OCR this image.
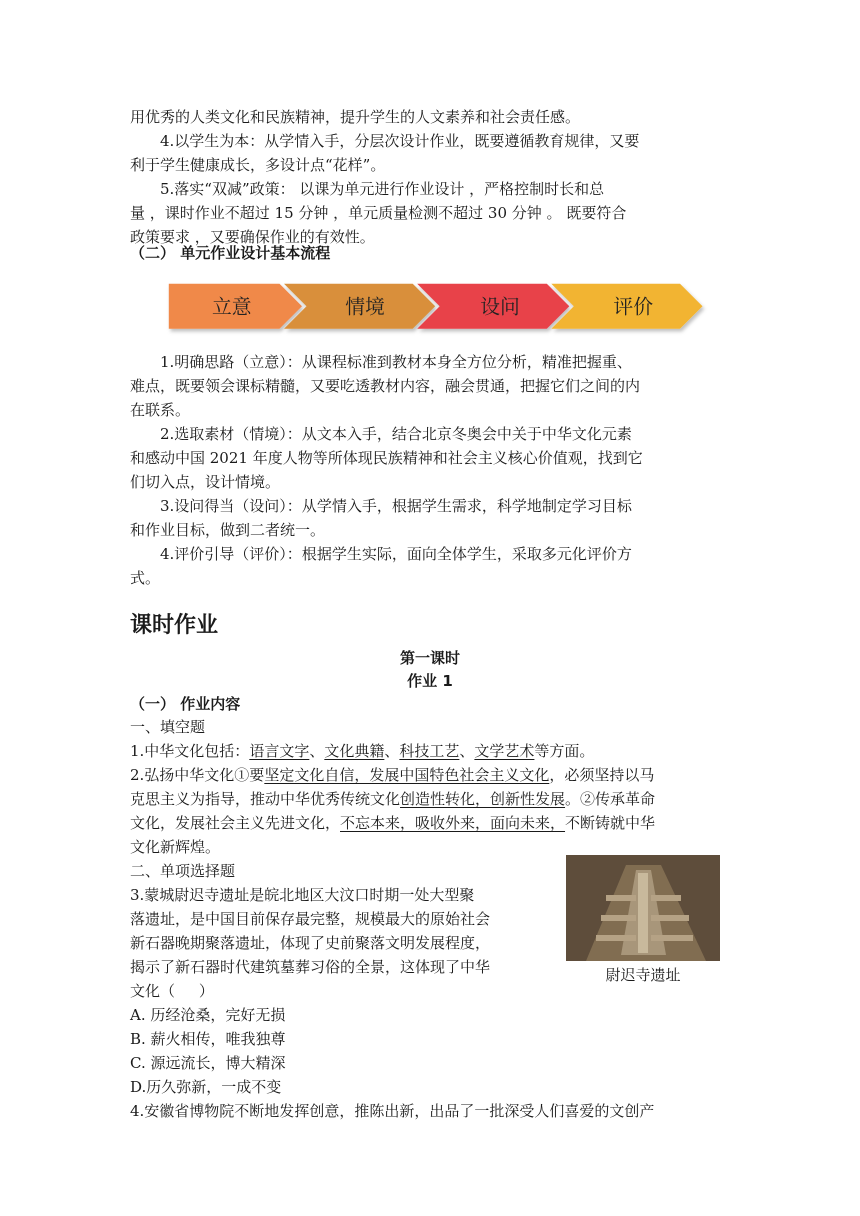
用优秀的人类文化和民族精神，提升学生的人文素养和社会责任感。

4.以学生为本：从学情入手，分层次设计作业，既要遵循教育规律，又要

利于学生健康成长，多设计点“花样”。

5.落实“双减”政策： 以课为单元进行作业设计 ，严格控制时长和总

量 ，课时作业不超过 15 分钟 ，单元质量检测不超过 30 分钟 。 既要符合

政策要求 ，又要确保作业的有效性。

（二） 单元作业设计基本流程
立意	情境	设问	评价

1.明确思路（立意）：从课程标准到教材本身全方位分析，精准把握重、

难点，既要领会课标精髓，又要吃透教材内容，融会贯通，把握它们之间的内

在联系。

2.选取素材（情境）：从文本入手，结合北京冬奥会中关于中华文化元素

和感动中国 2021 年度人物等所体现民族精神和社会主义核心价值观，找到它

们切入点，设计情境。

3.设问得当（设问）：从学情入手，根据学生需求，科学地制定学习目标

和作业目标，做到二者统一。

4.评价引导（评价）：根据学生实际，面向全体学生，采取多元化评价方

式。

课时作业
第一课时
作业 1
（一） 作业内容

一、填空题

1.中华文化包括：语言文字、文化典籍、科技工艺、文学艺术等方面。

2.弘扬中华文化①要坚定文化自信，发展中国特色社会主义文化，必须坚持以马

克思主义为指导，推动中华优秀传统文化创造性转化，创新性发展。②传承革命

文化，发展社会主义先进文化，不忘本来，吸收外来，面向未来，不断铸就中华

文化新辉煌。

二、单项选择题

3.蒙城尉迟寺遗址是皖北地区大汶口时期一处大型聚

落遗址，是中国目前保存最完整，规模最大的原始社会

新石器晚期聚落遗址，体现了史前聚落文明发展程度，

揭示了新石器时代建筑墓葬习俗的全景，这体现了中华

文化（     ）

A. 历经沧桑，完好无损

B. 薪火相传，唯我独尊

C. 源远流长，博大精深

D.历久弥新，一成不变

4.安徽省博物院不断地发挥创意，推陈出新，出品了一批深受人们喜爱的文创产

尉迟寺遗址
